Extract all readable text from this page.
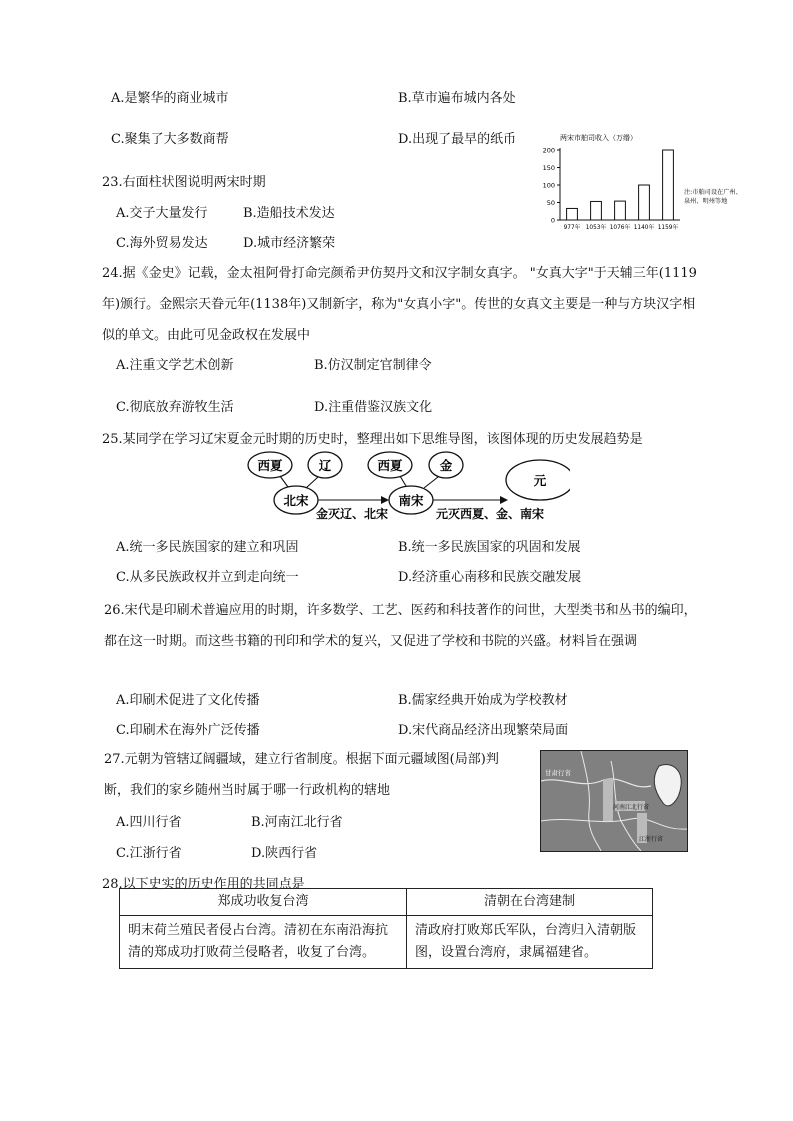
A.是繁华的商业城市	B.草市遍布城内各处
C.聚集了大多数商帮	D.出现了最早的纸币
23.右面柱状图说明两宋时期
A.交子大量发行	B.造船技术发达
C.海外贸易发达	D.城市经济繁荣
两宋市舶司收入（万缗）
0
50
100
150
200
977年 1053年 1076年 1140年 1159年
注:市舶司设在广州、 泉州、明州等地
24.据《金史》记载，金太祖阿骨打命完颜希尹仿契丹文和汉字制女真字。 "女真大字"于天辅三年(1119年)颁行。金熙宗天眷元年(1138年)又制新字，称为"女真小字"。传世的女真文主要是一种与方块汉字相似的单文。由此可见金政权在发展中
A.注重文学艺术创新	B.仿汉制定官制律令
C.彻底放弃游牧生活	D.注重借鉴汉族文化
25.某同学在学习辽宋夏金元时期的历史时，整理出如下思维导图，该图体现的历史发展趋势是
西夏	辽
北宋
西夏	金
南宋
元
金灭辽、北宋	元灭西夏、金、南宋
A.统一多民族国家的建立和巩固	B.统一多民族国家的巩固和发展
C.从多民族政权并立到走向统一	D.经济重心南移和民族交融发展
26.宋代是印刷术普遍应用的时期，许多数学、工艺、医药和科技著作的问世，大型类书和丛书的编印，都在这一时期。而这些书籍的刊印和学术的复兴，又促进了学校和书院的兴盛。材料旨在强调
A.印刷术促进了文化传播	B.儒家经典开始成为学校教材
C.印刷术在海外广泛传播	D.宋代商品经济出现繁荣局面
27.元朝为管辖辽阔疆域，建立行省制度。根据下面元疆域图(局部)判断，我们的家乡随州当时属于哪一行政机构的辖地
甘肃行省
河南江北行省
江浙行省
A.四川行省	B.河南江北行省
C.江浙行省	D.陕西行省
28.以下史实的历史作用的共同点是
郑成功收复台湾	清朝在台湾建制
明末荷兰殖民者侵占台湾。清初在东南沿海抗清的郑成功打败荷兰侵略者，收复了台湾。	清政府打败郑氏军队，台湾归入清朝版图，设置台湾府，隶属福建省。
